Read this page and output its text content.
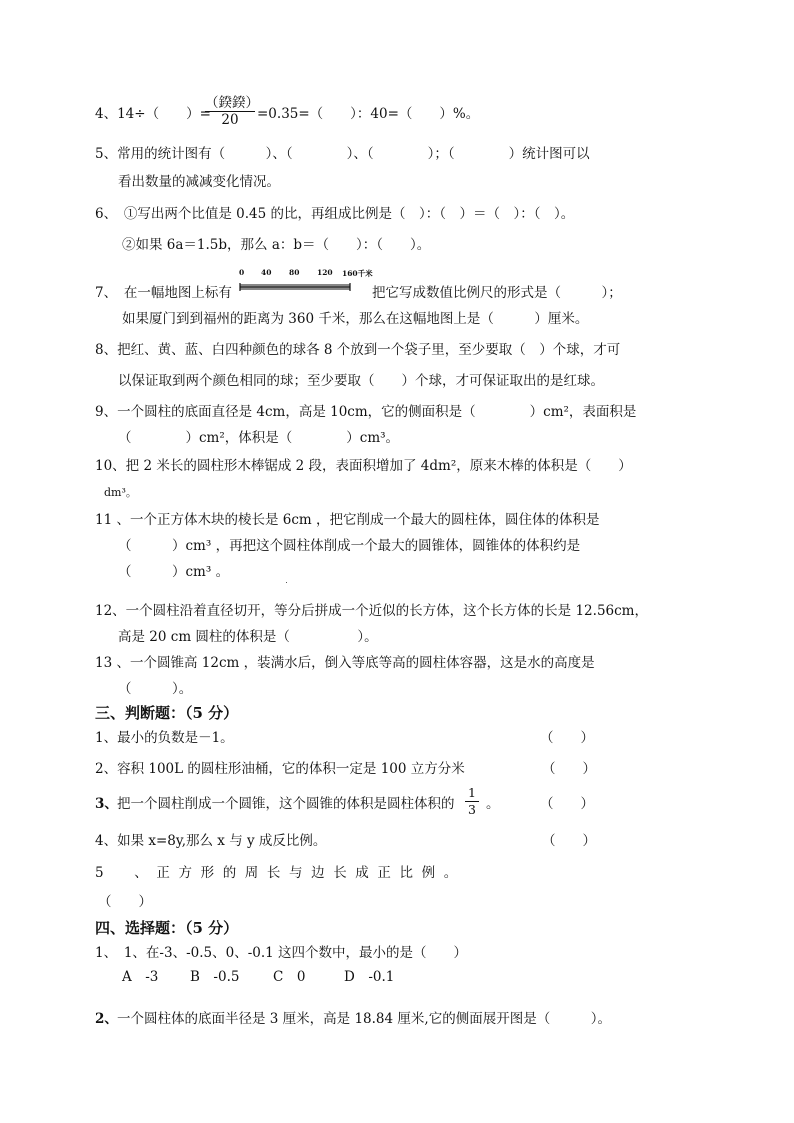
4、14÷（　　）=
（鍨鍨）
20	=0.35=（　　）：40=（　　）%。
5、常用的统计图有（　　　）、（　　　　）、（　　　　）；（　　　　）统计图可以
看出数量的减减变化情况。
6、　①写出两个比值是 0.45 的比，再组成比例是（　）：（　）＝（　）：（　）。
②如果 6a＝1.5b，那么 a：b＝（　　）：（　　）。
7、　在一幅地图上标有
0 40 80 120 160千米
把它写成数值比例尺的形式是（　　　）；
如果厦门到到福州的距离为 360 千米，那么在这幅地图上是（　　　）厘米。
8、把红、黄、蓝、白四种颜色的球各 8 个放到一个袋子里，至少要取（　）个球，才可
以保证取到两个颜色相同的球；至少要取（　　）个球，才可保证取出的是红球。
9、一个圆柱的底面直径是 4cm，高是 10cm，它的侧面积是（　　　　）cm²，表面积是
（　　　　）cm²，体积是（　　　　）cm³。
10、把 2 米长的圆柱形木棒锯成 2 段，表面积增加了 4dm²，原来木棒的体积是（　　）
dm³。
11 、一个正方体木块的棱长是 6cm ，把它削成一个最大的圆柱体，圆住体的体积是
（　　　）cm³ ，再把这个圆柱体削成一个最大的圆锥体，圆锥体的体积约是
（　　　）cm³ 。
12、一个圆柱沿着直径切开，等分后拼成一个近似的长方体，这个长方体的长是 12.56cm，
高是 20 cm 圆柱的体积是（　　　　　）。
13 、一个圆锥高 12cm ，装满水后，倒入等底等高的圆柱体容器，这是水的高度是
（　　　）。
三、判断题：（5 分）
1、最小的负数是－1。	（　　）
2、容积 100L 的圆柱形油桶，它的体积一定是 100 立方分米	（　　）
3、 把一个圆柱削成一个圆锥，这个圆锥的体积是圆柱体积的
1
3 。	（　　）
4、如果 x=8y,那么 x 与 y 成反比例。	（　　）
5　、正方形的周长与边长成正比例。
（　　）
四、选择题：（5 分）
1、　1、在-3、-0.5、0、-0.1 这四个数中，最小的是（　　）
A　-3 B　-0.5 C　0	D　-0.1
2、 一个圆柱体的底面半径是 3 厘米，高是 18.84 厘米,它的侧面展开图是（　　　）。
